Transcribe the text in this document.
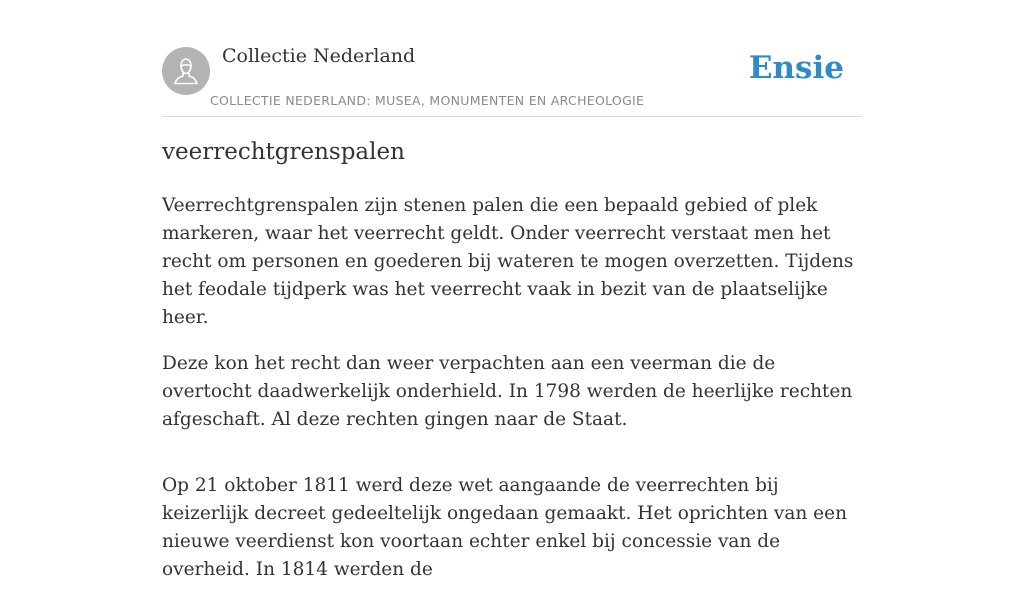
Collectie Nederland
COLLECTIE NEDERLAND: MUSEA, MONUMENTEN EN ARCHEOLOGIE
Ensie
veerrechtgrenspalen

Veerrechtgrenspalen zijn stenen palen die een bepaald gebied of plek markeren, waar het veerrecht geldt. Onder veerrecht verstaat men het recht om personen en goederen bij wateren te mogen overzetten. Tijdens het feodale tijdperk was het veerrecht vaak in bezit van de plaatselijke heer.

Deze kon het recht dan weer verpachten aan een veerman die de overtocht daadwerkelijk onderhield. In 1798 werden de heerlijke rechten afgeschaft. Al deze rechten gingen naar de Staat.

Op 21 oktober 1811 werd deze wet aangaande de veerrechten bij keizerlijk decreet gedeeltelijk ongedaan gemaakt. Het oprichten van een nieuwe veerdienst kon voortaan echter enkel bij concessie van de overheid. In 1814 werden de
